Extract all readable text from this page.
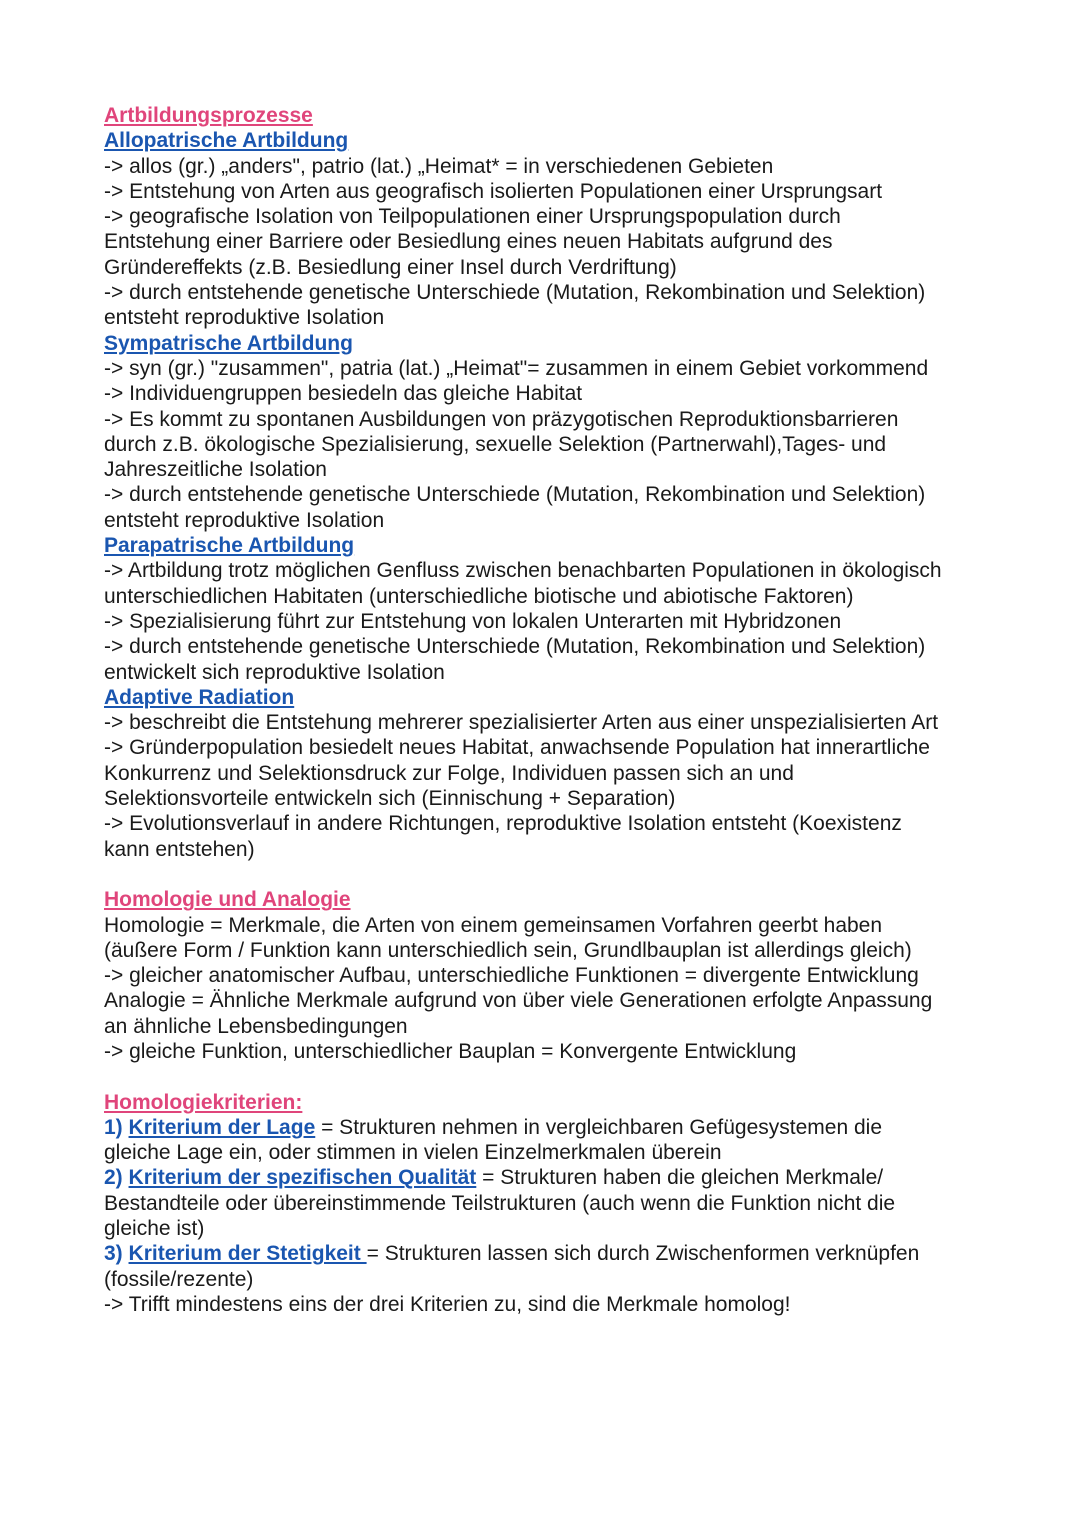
Artbildungsprozesse
Allopatrische Artbildung
-> allos (gr.) „anders", patrio (lat.) „Heimat* = in verschiedenen Gebieten
-> Entstehung von Arten aus geografisch isolierten Populationen einer Ursprungsart
-> geografische Isolation von Teilpopulationen einer Ursprungspopulation durch
Entstehung einer Barriere oder Besiedlung eines neuen Habitats aufgrund des
Gründereffekts (z.B. Besiedlung einer Insel durch Verdriftung)
-> durch entstehende genetische Unterschiede (Mutation, Rekombination und Selektion)
entsteht reproduktive Isolation
Sympatrische Artbildung
-> syn (gr.) "zusammen", patria (lat.) „Heimat"= zusammen in einem Gebiet vorkommend
-> Individuengruppen besiedeln das gleiche Habitat
-> Es kommt zu spontanen Ausbildungen von präzygotischen Reproduktionsbarrieren
durch z.B. ökologische Spezialisierung, sexuelle Selektion (Partnerwahl),Tages- und
Jahreszeitliche Isolation
-> durch entstehende genetische Unterschiede (Mutation, Rekombination und Selektion)
entsteht reproduktive Isolation
Parapatrische Artbildung
-> Artbildung trotz möglichen Genfluss zwischen benachbarten Populationen in ökologisch
unterschiedlichen Habitaten (unterschiedliche biotische und abiotische Faktoren)
-> Spezialisierung führt zur Entstehung von lokalen Unterarten mit Hybridzonen
-> durch entstehende genetische Unterschiede (Mutation, Rekombination und Selektion)
entwickelt sich reproduktive Isolation
Adaptive Radiation
-> beschreibt die Entstehung mehrerer spezialisierter Arten aus einer unspezialisierten Art
-> Gründerpopulation besiedelt neues Habitat, anwachsende Population hat innerartliche
Konkurrenz und Selektionsdruck zur Folge, Individuen passen sich an und
Selektionsvorteile entwickeln sich (Einnischung + Separation)
-> Evolutionsverlauf in andere Richtungen, reproduktive Isolation entsteht (Koexistenz
kann entstehen)
Homologie und Analogie
Homologie = Merkmale, die Arten von einem gemeinsamen Vorfahren geerbt haben
(äußere Form / Funktion kann unterschiedlich sein, Grundlbauplan ist allerdings gleich)
-> gleicher anatomischer Aufbau, unterschiedliche Funktionen = divergente Entwicklung
Analogie = Ähnliche Merkmale aufgrund von über viele Generationen erfolgte Anpassung
an ähnliche Lebensbedingungen
-> gleiche Funktion, unterschiedlicher Bauplan = Konvergente Entwicklung
Homologiekriterien:
1) Kriterium der Lage = Strukturen nehmen in vergleichbaren Gefügesystemen die
gleiche Lage ein, oder stimmen in vielen Einzelmerkmalen überein
2) Kriterium der spezifischen Qualität = Strukturen haben die gleichen Merkmale/
Bestandteile oder übereinstimmende Teilstrukturen (auch wenn die Funktion nicht die
gleiche ist)
3) Kriterium der Stetigkeit = Strukturen lassen sich durch Zwischenformen verknüpfen
(fossile/rezente)
-> Trifft mindestens eins der drei Kriterien zu, sind die Merkmale homolog!
